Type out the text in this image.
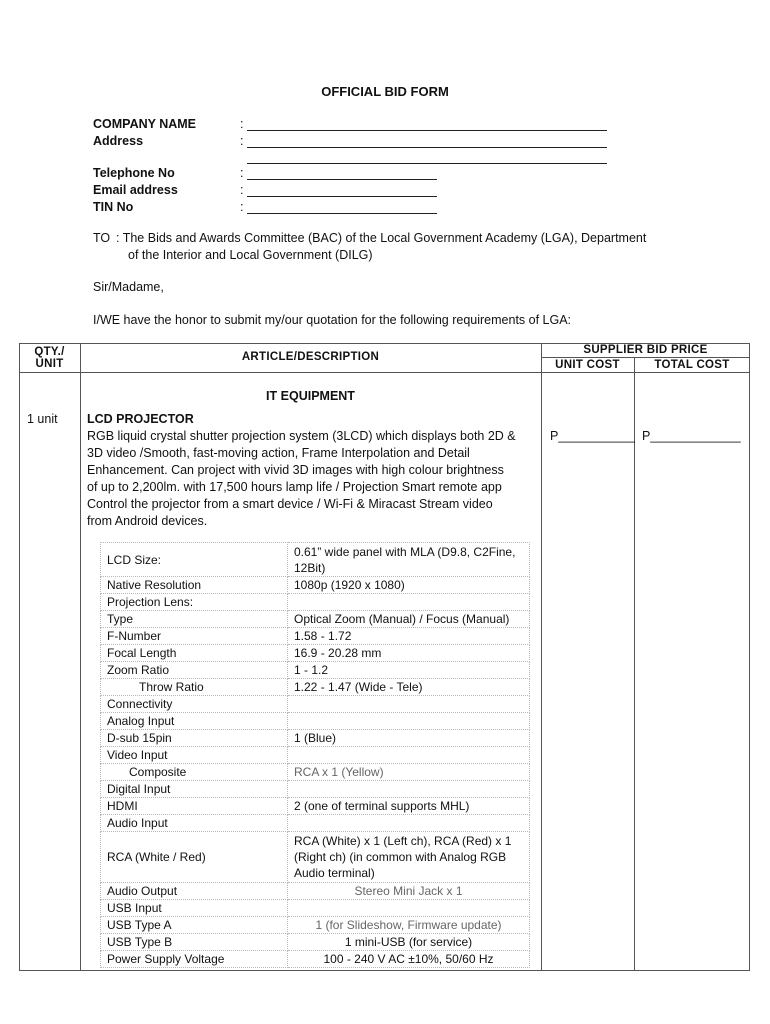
OFFICIAL BID FORM
COMPANY NAME	:
Address	:
Telephone No	:
Email address	:
TIN No	:
TO : The Bids and Awards Committee (BAC) of the Local Government Academy (LGA), Department
of the Interior and Local Government (DILG)
Sir/Madame,
I/WE have the honor to submit my/our quotation for the following requirements of LGA:
QTY./
UNIT
ARTICLE/DESCRIPTION
SUPPLIER BID PRICE
UNIT COST	TOTAL COST
IT EQUIPMENT
1 unit LCD PROJECTOR
RGB liquid crystal shutter projection system (3LCD) which displays both 2D &
3D video /Smooth, fast-moving action, Frame Interpolation and Detail
Enhancement. Can project with vivid 3D images with high colour brightness
of up to 2,200lm. with 17,500 hours lamp life / Projection Smart remote app
Control the projector from a smart device / Wi-Fi & Miracast Stream video
from Android devices.
P___________ P_____________
LCD Size:	0.61” wide panel with MLA (D9.8, C2Fine, 12Bit)
Native Resolution	1080p (1920 x 1080)
Projection Lens:	
Type	Optical Zoom (Manual) / Focus (Manual)
F-Number	1.58 - 1.72
Focal Length	16.9 - 20.28 mm
Zoom Ratio	1 - 1.2
Throw Ratio	1.22 - 1.47 (Wide - Tele)
Connectivity	
Analog Input	
D-sub 15pin	1 (Blue)
Video Input	
Composite	RCA x 1 (Yellow)
Digital Input	
HDMI	2 (one of terminal supports MHL)
Audio Input	
RCA (White / Red)	RCA (White) x 1 (Left ch), RCA (Red) x 1 (Right ch) (in common with Analog RGB Audio terminal)
Audio Output	Stereo Mini Jack x 1
USB Input	
USB Type A	1 (for Slideshow, Firmware update)
USB Type B	1 mini-USB (for service)
Power Supply Voltage	100 - 240 V AC ±10%, 50/60 Hz
